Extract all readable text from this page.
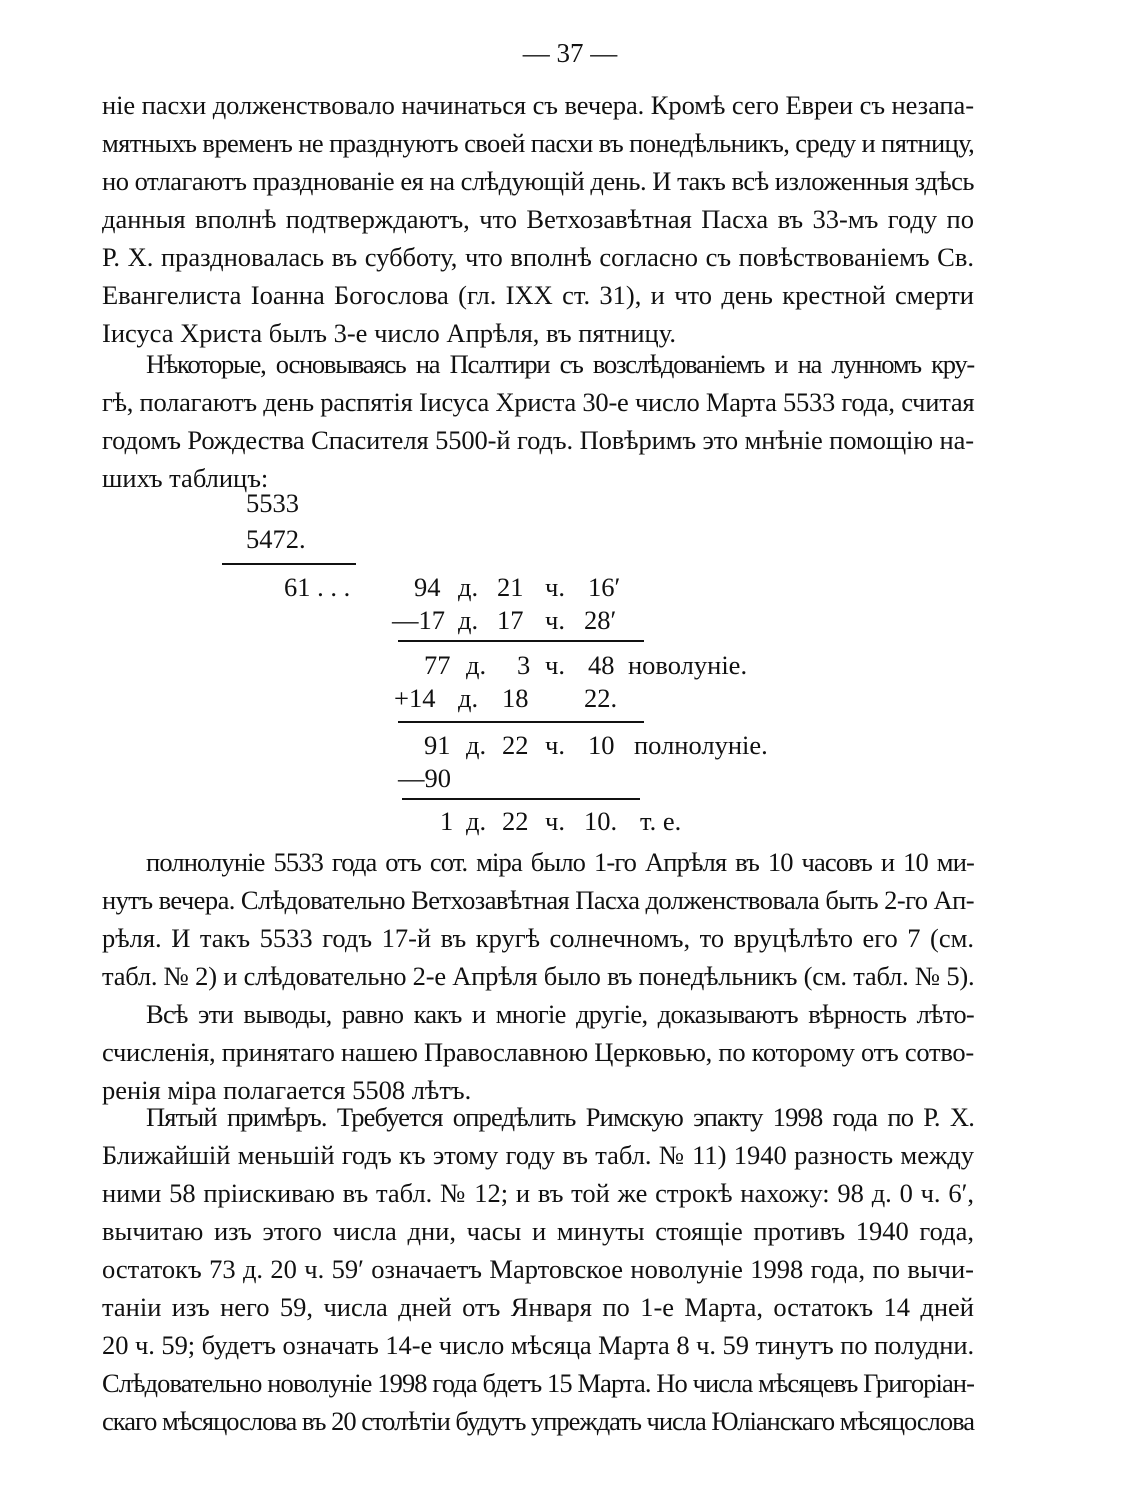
— 37 —
ніе пасхи долженствовало начинаться съ вечера. Кромѣ сего Евреи съ незапа-
мятныхъ временъ не празднуютъ своей пасхи въ понедѣльникъ, среду и пятницу,
но отлагаютъ празднованіе ея на слѣдующій день. И такъ всѣ изложенныя здѣсь
данныя вполнѣ подтверждаютъ, что Ветхозавѣтная Пасха въ 33-мъ году по
Р. Х. праздновалась въ субботу, что вполнѣ согласно съ повѣствованіемъ Св.
Евангелиста Іоанна Богослова (гл. IXX ст. 31), и что день крестной смерти
Іисуса Христа былъ 3-е число Апрѣля, въ пятницу.
Нѣкоторые, основываясь на Псалтири съ возслѣдованіемъ и на лунномъ кру-
гѣ, полагаютъ день распятія Іисуса Христа 30-е число Марта 5533 года, считая
годомъ Рождества Спасителя 5500-й годъ. Повѣримъ это мнѣніе помощію на-
шихъ таблицъ:
5533
5472.
61 . . . 94 д. 21 ч. 16′
—17 д. 17 ч. 28′
77 д. 3 ч. 48 новолуніе.
+14 д. 18 22.
91 д. 22 ч. 10 полнолуніе.
—90
1 д. 22 ч. 10. т. е.
полнолуніе 5533 года отъ сот. міра было 1-го Апрѣля въ 10 часовъ и 10 ми-
нутъ вечера. Слѣдовательно Ветхозавѣтная Пасха долженствовала быть 2-го Ап-
рѣля. И такъ 5533 годъ 17-й въ кругѣ солнечномъ, то вруцѣлѣто его 7 (см.
табл. № 2) и слѣдовательно 2-е Апрѣля было въ понедѣльникъ (см. табл. № 5).
Всѣ эти выводы, равно какъ и многіе другіе, доказываютъ вѣрность лѣто-
счисленія, принятаго нашею Православною Церковью, по которому отъ сотво-
ренія міра полагается 5508 лѣтъ.
Пятый примѣръ. Требуется опредѣлить Римскую эпакту 1998 года по Р. Х.
Ближайшій меньшій годъ къ этому году въ табл. № 11) 1940 разность между
ними 58 пріискиваю въ табл. № 12; и въ той же строкѣ нахожу: 98 д. 0 ч. 6′,
вычитаю изъ этого числа дни, часы и минуты стоящіе противъ 1940 года,
остатокъ 73 д. 20 ч. 59′ означаетъ Мартовское новолуніе 1998 года, по вычи-
таніи изъ него 59, числа дней отъ Января по 1-е Марта, остатокъ 14 дней
20 ч. 59; будетъ означать 14-е число мѣсяца Марта 8 ч. 59 тинутъ по полудни.
Слѣдовательно новолуніе 1998 года бдетъ 15 Марта. Но числа мѣсяцевъ Григоріан-
скаго мѣсяцослова въ 20 столѣтіи будутъ упреждать числа Юліанскаго мѣсяцослова
